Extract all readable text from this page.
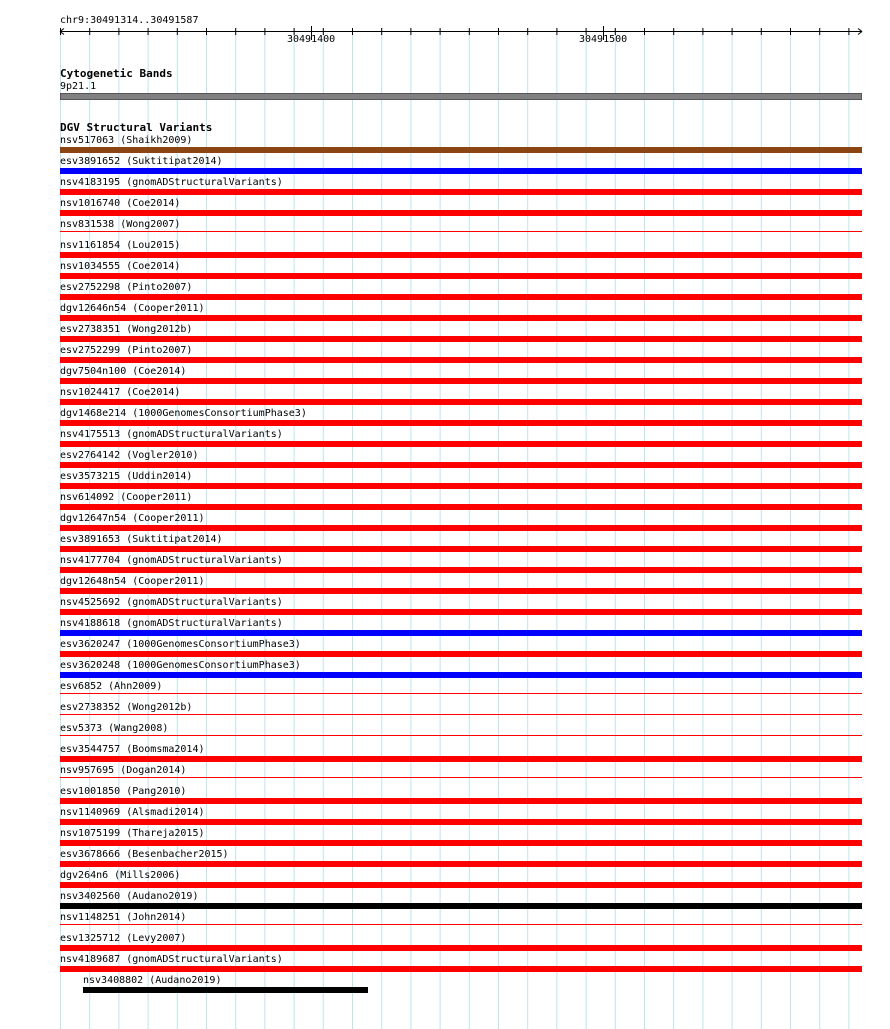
chr9:30491314..30491587
30491400	30491500
Cytogenetic Bands
9p21.1
DGV Structural Variants
nsv517063 (Shaikh2009)
esv3891652 (Suktitipat2014)
nsv4183195 (gnomADStructuralVariants)
nsv1016740 (Coe2014)
nsv831538 (Wong2007)
nsv1161854 (Lou2015)
nsv1034555 (Coe2014)
esv2752298 (Pinto2007)
dgv12646n54 (Cooper2011)
esv2738351 (Wong2012b)
esv2752299 (Pinto2007)
dgv7504n100 (Coe2014)
nsv1024417 (Coe2014)
dgv1468e214 (1000GenomesConsortiumPhase3)
nsv4175513 (gnomADStructuralVariants)
esv2764142 (Vogler2010)
esv3573215 (Uddin2014)
nsv614092 (Cooper2011)
dgv12647n54 (Cooper2011)
esv3891653 (Suktitipat2014)
nsv4177704 (gnomADStructuralVariants)
dgv12648n54 (Cooper2011)
nsv4525692 (gnomADStructuralVariants)
nsv4188618 (gnomADStructuralVariants)
esv3620247 (1000GenomesConsortiumPhase3)
esv3620248 (1000GenomesConsortiumPhase3)
esv6852 (Ahn2009)
esv2738352 (Wong2012b)
esv5373 (Wang2008)
esv3544757 (Boomsma2014)
nsv957695 (Dogan2014)
esv1001850 (Pang2010)
nsv1140969 (Alsmadi2014)
nsv1075199 (Thareja2015)
esv3678666 (Besenbacher2015)
dgv264n6 (Mills2006)
nsv3402560 (Audano2019)
nsv1148251 (John2014)
esv1325712 (Levy2007)
nsv4189687 (gnomADStructuralVariants)
nsv3408802 (Audano2019)
